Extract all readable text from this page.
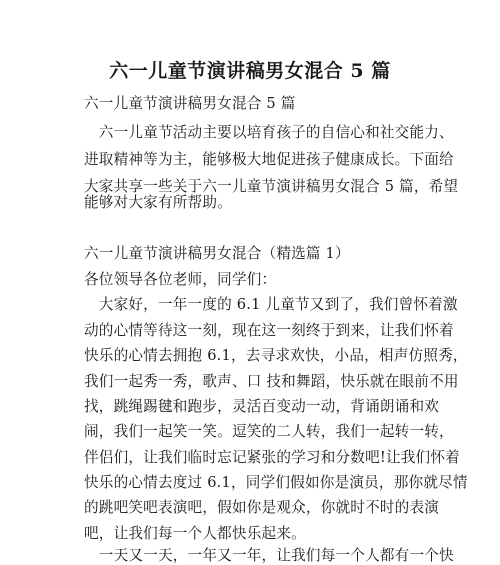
六一儿童节演讲稿男女混合 5 篇
六一儿童节演讲稿男女混合 5 篇
　六一儿童节活动主要以培育孩子的自信心和社交能力、
进取精神等为主，能够极大地促进孩子健康成长。下面给
大家共享一些关于六一儿童节演讲稿男女混合 5 篇，希望
能够对大家有所帮助。
六一儿童节演讲稿男女混合（精选篇 1）
各位领导各位老师，同学们：
　大家好，一年一度的 6.1 儿童节又到了，我们曾怀着激
动的心情等待这一刻，现在这一刻终于到来，让我们怀着
快乐的心情去拥抱 6.1，去寻求欢快，小品，相声仿照秀，
我们一起秀一秀，歌声、口 技和舞蹈，快乐就在眼前不用
找，跳绳踢毽和跑步，灵活百变动一动，背诵朗诵和欢
闹，我们一起笑一笑。逗笑的二人转，我们一起转一转，
伴侣们，让我们临时忘记紧张的学习和分数吧!让我们怀着
快乐的心情去度过 6.1，同学们假如你是演员，那你就尽情
的跳吧笑吧表演吧，假如你是观众，你就时不时的表演
吧，让我们每一个人都快乐起来。
　一天又一天，一年又一年，让我们每一个人都有一个快
